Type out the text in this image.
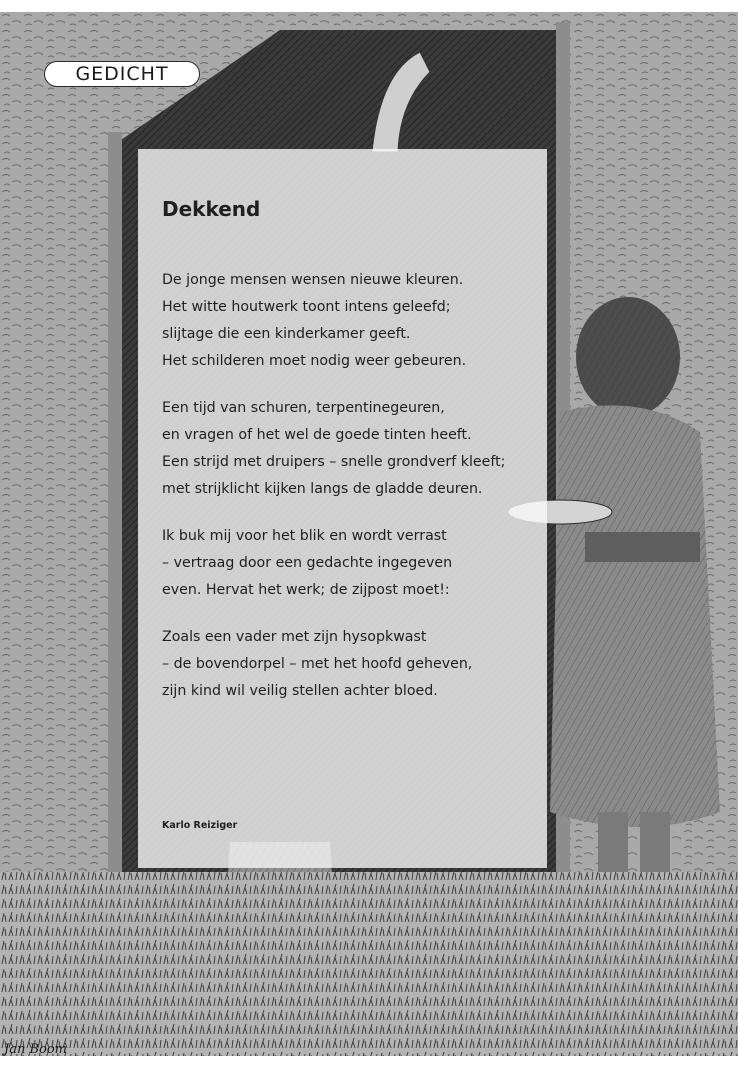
GEDICHT
Dekkend

De jonge mensen wensen nieuwe kleuren.
Het witte houtwerk toont intens geleefd;
slijtage die een kinderkamer geeft.
Het schilderen moet nodig weer gebeuren.

Een tijd van schuren, terpentinegeuren,
en vragen of het wel de goede tinten heeft.
Een strijd met druipers – snelle grondverf kleeft;
met strijklicht kijken langs de gladde deuren.

Ik buk mij voor het blik en wordt verrast
– vertraag door een gedachte ingegeven
even. Hervat het werk; de zijpost moet!:

Zoals een vader met zijn hysopkwast
– de bovendorpel – met het hoofd geheven,
zijn kind wil veilig stellen achter bloed.

Karlo Reiziger
Jan Boom
